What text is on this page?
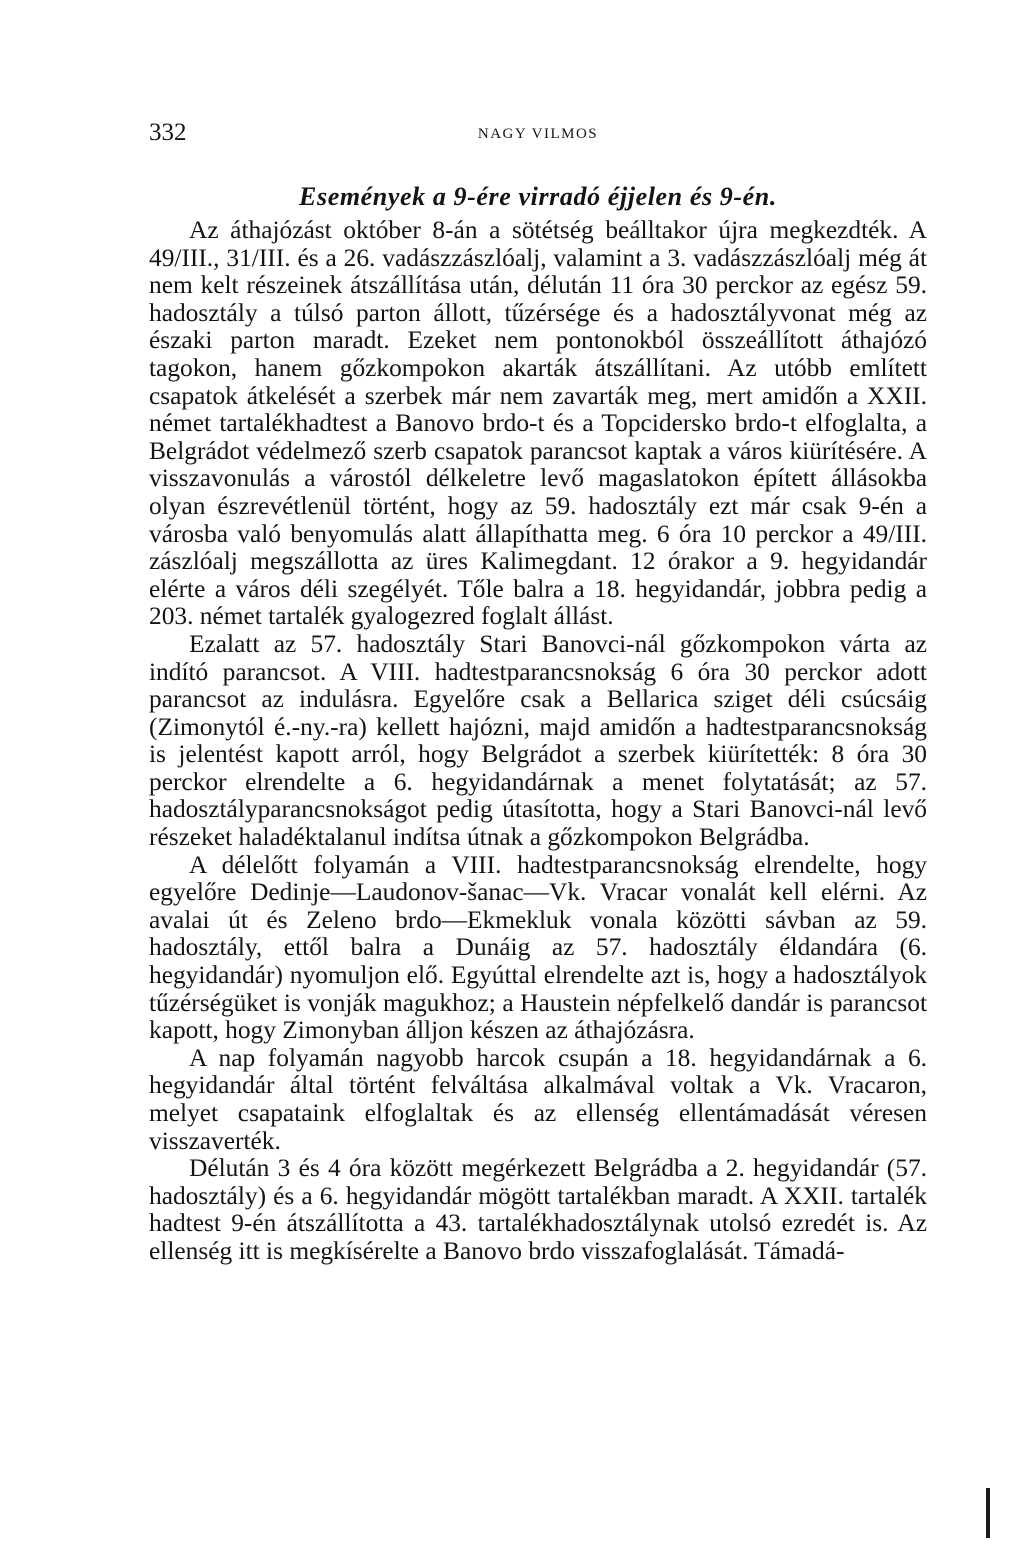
332	NAGY VILMOS
Események a 9-ére virradó éjjelen és 9-én.

Az áthajózást október 8-án a sötétség beálltakor újra megkezdték. A 49/III., 31/III. és a 26. vadászzászlóalj, valamint a 3. vadászzászlóalj még át nem kelt részeinek átszállítása után, délután 11 óra 30 perckor az egész 59. hadosztály a túlsó parton állott, tűzérsége és a hadosztályvonat még az északi parton maradt. Ezeket nem pontonokból összeállított áthajózó tagokon, hanem gőzkompokon akarták átszállítani. Az utóbb említett csapatok átkelését a szerbek már nem zavarták meg, mert amidőn a XXII. német tartalékhadtest a Banovo brdo-t és a Topcidersko brdo-t elfoglalta, a Belgrádot védelmező szerb csapatok parancsot kaptak a város kiürítésére. A visszavonulás a várostól délkeletre levő magaslatokon épített állásokba olyan észrevétlenül történt, hogy az 59. hadosztály ezt már csak 9-én a városba való benyomulás alatt állapíthatta meg. 6 óra 10 perckor a 49/III. zászlóalj megszállotta az üres Kalimegdant. 12 órakor a 9. hegyidandár elérte a város déli szegélyét. Tőle balra a 18. hegyidandár, jobbra pedig a 203. német tartalék gyalogezred foglalt állást.

Ezalatt az 57. hadosztály Stari Banovci-nál gőzkompokon várta az indító parancsot. A VIII. hadtestparancsnokság 6 óra 30 perckor adott parancsot az indulásra. Egyelőre csak a Bellarica sziget déli csúcsáig (Zimonytól é.-ny.-ra) kellett hajózni, majd amidőn a hadtestparancsnokság is jelentést kapott arról, hogy Belgrádot a szerbek kiürítették: 8 óra 30 perckor elrendelte a 6. hegyidandárnak a menet folytatását; az 57. hadosztályparancsnokságot pedig útasította, hogy a Stari Banovci-nál levő részeket haladéktalanul indítsa útnak a gőzkompokon Belgrádba.

A délelőtt folyamán a VIII. hadtestparancsnokság elrendelte, hogy egyelőre Dedinje—Laudonov-šanac—Vk. Vracar vonalát kell elérni. Az avalai út és Zeleno brdo—Ekmekluk vonala közötti sávban az 59. hadosztály, ettől balra a Dunáig az 57. hadosztály éldandára (6. hegyidandár) nyomuljon elő. Egyúttal elrendelte azt is, hogy a hadosztályok tűzérségüket is vonják magukhoz; a Haustein népfelkelő dandár is parancsot kapott, hogy Zimonyban álljon készen az áthajózásra.

A nap folyamán nagyobb harcok csupán a 18. hegyidandárnak a 6. hegyidandár által történt felváltása alkalmával voltak a Vk. Vracaron, melyet csapataink elfoglaltak és az ellenség ellentámadását véresen visszaverték.

Délután 3 és 4 óra között megérkezett Belgrádba a 2. hegyidandár (57. hadosztály) és a 6. hegyidandár mögött tartalékban maradt. A XXII. tartalék hadtest 9-én átszállította a 43. tartalékhadosztálynak utolsó ezredét is. Az ellenség itt is megkísérelte a Banovo brdo visszafoglalását. Támadá-
